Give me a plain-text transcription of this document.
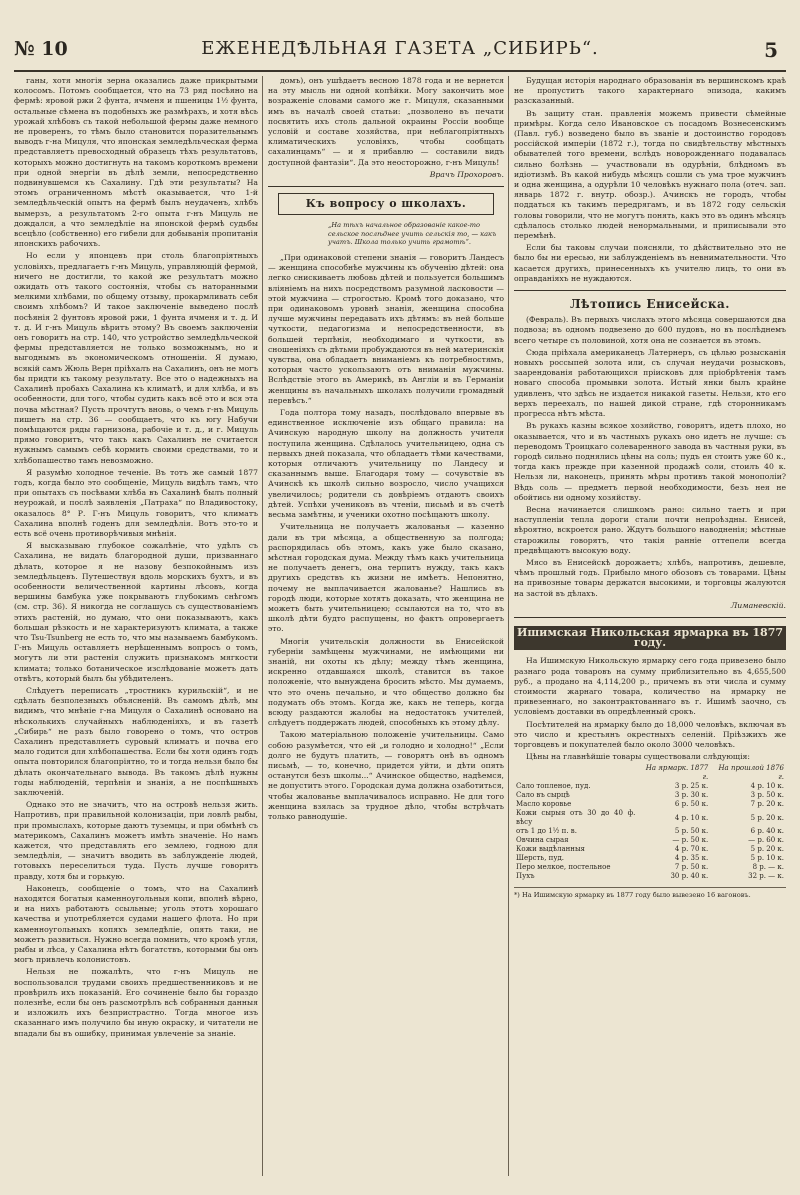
№ 10	ЕЖЕНЕДѢЛЬНАЯ ГАЗЕТА „СИБИРЬ“.	5

ганы, хотя многія зерна оказались даже прикрытыми колосомъ. Потомъ сообщается, что на 73 ряд посѣяно на фермѣ: яровой ржи 2 фунта, ячменя и пшеницы 1½ фунта, остальные сѣмена въ подобныхъ же размѣрахъ, и хотя вѣсь урожай хлѣбовъ съ такой небольшой фермы даже немного не проверенъ, то тѣмъ было становится поразительнымъ выводъ г-на Мицуля, что японская земледѣльческая ферма представляетъ превосходный образецъ тѣхъ результатовъ, которыхъ можно достигнуть на такомъ короткомъ времени при одной энергіи въ дѣлѣ земли, непосредственно подвинувшемся къ Сахалину. Гдѣ эти результаты? На этомъ ограниченномъ мѣстѣ оказывается, что 1-й земледѣльческій опытъ на фермѣ былъ неудаченъ, хлѣбъ вымерзъ, а результатомъ 2-го опыта г-нъ Мицуль не дождался, а что земледѣліе на японской фермѣ судьбы всецѣло (собственно) его гибели для добыванія пропитанія японскихъ рабочихъ.

Но если у японцевъ при столь благопріятныхъ условіяхъ, предлагаетъ г-нъ Мицуль, управляющій фермой, ничего не достигли, то какой же результатъ можно ожидать отъ такого состоянія, чтобы съ наторанными мелкими хлѣбами, по общему отзыву, прокармливать себя своимъ хлѣбомъ? И такое заключеніе выведено послѣ посѣянія 2 фунтовъ яровой ржи, 1 фунта ячменя и т. д. И т. д. И г-нъ Мицуль вѣритъ этому? Въ своемъ заключеніи онъ говоритъ на стр. 140, что устройство земледѣльческой фермы представляется не только возможнымъ, но и выгоднымъ въ экономическомъ отношеніи. Я думаю, всякій самъ Жюль Верн пріѣхалъ на Сахалинъ, онъ не могъ бы придти къ такому результату. Все это о надежныхъ на Сахалинѣ пробахъ Сахалина къ климатѣ, и для хлѣба, и въ особенности, для того, чтобы судить какъ всё это и вся эта почва мѣстная? Пусть прочтутъ вновь, о чемъ г-нъ Мицуль пишетъ на стр. 36 — сообщаетъ, что къ югу Набучи помѣщаются ряды гарнизона, рабочіе и т. д., и г. Мицуль прямо говоритъ, что такъ какъ Сахалинъ не считается нужнымъ самымъ себѣ кормить своими средствами, то и хлѣбопашество тамъ невозможно.

Я разумѣю холодное теченіе. Въ тотъ же самый 1877 годъ, когда было это сообщеніе, Мицуль видѣлъ тамъ, что при опытахъ съ посѣвами хлѣба въ Сахалинѣ былъ полный неурожай, и послѣ заявленія „Патраха“ по Владивостоку, оказалось 8° Р. Г-нъ Мицуль говоритъ, что климатъ Сахалина вполнѣ годенъ для земледѣлія. Вотъ это-то и есть всё очень противорѣчивыя мнѣнія.

Я высказываю глубокое сожалѣніе, что удѣлъ съ Сахалина, не видать благородной души, призваннаго дѣлать, которое я не назову безпокойнымъ изъ земледѣльцевъ. Путешествуя вдоль морскихъ бухтъ, и въ особенности величественной картины лѣсовъ, когда вершины бамбука уже покрываютъ глубокимъ снѣгомъ (см. стр. 36). Я никогда не соглашусь съ существованіемъ этихъ растеній, но думаю, что они показываютъ, какъ большая рѣзкость и не характеризуютъ климата, а также что Tsu-Tsunberg не есть то, что мы называемъ бамбукомъ. Г-нъ Мицуль оставляетъ нерѣшеннымъ вопросъ о томъ, могутъ ли эти растенія служить признакомъ мягкости климата; только ботаническое изслѣдованіе можетъ дать отвѣтъ, который былъ бы убѣдителенъ.

Слѣдуетъ переписать „тростникъ курильскій“, и не сдѣлать безполезныхъ объясненій. Въ самомъ дѣлѣ, мы видимъ, что мнѣніе г-на Мицуля о Сахалинѣ основано на нѣсколькихъ случайныхъ наблюденіяхъ, и въ газетѣ „Сибирь“ не разъ было говорено о томъ, что остров Сахалинъ представляетъ суровый климатъ и почва его мало годится для хлѣбопашества. Если бы хотя одинъ годъ опыта повторился благопріятно, то и тогда нельзя было бы дѣлать окончательнаго вывода. Въ такомъ дѣлѣ нужны годы наблюденій, терпѣнія и знанія, а не поспѣшныхъ заключеній.

Однако это не значитъ, что на островѣ нельзя жить. Напротивъ, при правильной колонизаціи, при ловлѣ рыбы, при промыслахъ, которые даютъ туземцы, и при обмѣнѣ съ материкомъ, Сахалинъ можетъ имѣть значеніе. Но намъ кажется, что представлять его землею, годною для земледѣлія, — значитъ вводить въ заблужденіе людей, готовыхъ переселиться туда. Пусть лучше говорятъ правду, хотя бы и горькую.

Наконецъ, сообщеніе о томъ, что на Сахалинѣ находятся богатыя каменноугольныя копи, вполнѣ вѣрно, и на нихъ работаютъ ссыльные; уголь этотъ хорошаго качества и употребляется судами нашего флота. Но при каменноугольныхъ копяхъ земледѣліе, опять таки, не можетъ развиться. Нужно всегда помнить, что кромѣ угля, рыбы и лѣса, у Сахалина нѣтъ богатствъ, которыми бы онъ могъ привлечь колонистовъ.

Нельзя не пожалѣть, что г-нъ Мицуль не воспользовался трудами своихъ предшественниковъ и не провѣрилъ ихъ показаній. Его сочиненіе было бы гораздо полезнѣе, если бы онъ разсмотрѣлъ всѣ собранныя данныя и изложилъ ихъ безпристрастно. Тогда многое изъ сказаннаго имъ получило бы иную окраску, и читатели не впадали бы въ ошибку, принимая увлеченіе за знаніе.

домъ), онъ ушѣдаетъ весною 1878 года и не вернется на эту мысль ни одной копѣйки. Могу закончить мое возраженіе словами самого же г. Мицуля, сказанными имъ въ началѣ своей статьи: „позволено въ печати посвятить ихъ столь дальной окраины Россіи вообще условій и составе хозяйства, при неблагопріятныхъ климатическихъ условіяхъ, чтобы сообщать сахалинцамъ“ — и я прибавлю — составили видъ доступной фантазіи“. Да это неосторожно, г-нъ Мицуль!

Врачъ Прохоровъ.
Къ вопросу о школахъ.
„На тѣхъ начальное образованіе какое-то сельское послѣднее учить сельскія то, — какъ учатъ. Школа только учить грамотѣ“.

„При одинаковой степени знанія — говоритъ Ландесъ — женщина способнѣе мужчины къ обученію дѣтей: она легко снискиваетъ любовь дѣтей и пользуется большимъ вліяніемъ на нихъ посредствомъ разумной ласковости — этой мужчина — строгостью. Кромѣ того доказано, что при одинаковомъ уровнѣ знанія, женщина способна лучше мужчины передавать ихъ дѣтямъ: въ ней больше чуткости, педагогизма и непосредственности, въ большей терпѣнія, необходимаго и чуткости, въ сношеніяхъ съ дѣтьми пробуждаются въ ней материнскія чувства, она обладаетъ вниманіемъ къ потребностямъ, которыя часто ускользаютъ отъ вниманія мужчины. Вслѣдствіе этого въ Америкѣ, въ Англіи и въ Германіи женщины въ начальныхъ школахъ получили громадный перевѣсъ.“

Года полтора тому назадъ, послѣдовало впервые въ единственное исключеніе изъ общаго правила: на Ачинскую народную школу на должность учителя поступила женщина. Сдѣлалось учительницею, одна съ первыхъ дней показала, что обладаетъ тѣми качествами, которыя отличаютъ учительницу по Ландесу и сказаннымъ выше. Благодаря тому — сочувствіе въ Ачинскѣ къ школѣ сильно возросло, число учащихся увеличилось; родители съ довѣріемъ отдаютъ своихъ дѣтей. Успѣхи учениковъ въ чтеніи, письмѣ и въ счетѣ весьма замѣтны, и ученики охотно посѣщаютъ школу.

Учительница не получаетъ жалованья — казенно дали въ три мѣсяца, а общественную за полгода; распорядилась объ этомъ, какъ уже было сказано, мѣстная городская дума. Между тѣмъ какъ учительница не получаетъ денегъ, она терпитъ нужду, такъ какъ другихъ средствъ къ жизни не имѣетъ. Непонятно, почему не выплачивается жалованье? Нашлись въ городѣ люди, которые хотятъ доказать, что женщина не можетъ быть учительницею; ссылаются на то, что въ школѣ дѣти будто распущены, но фактъ опровергаетъ это.

Многія учительскія должности вь Енисейской губерніи замѣщены мужчинами, не имѣющими ни знаній, ни охоты къ дѣлу; между тѣмъ женщина, искренно отдавшаяся школѣ, ставится въ такое положеніе, что вынуждена бросить мѣсто. Мы думаемъ, что это очень печально, и что общество должно бы подумать объ этомъ. Когда же, какъ не теперь, когда всюду раздаются жалобы на недостатокъ учителей, слѣдуетъ поддержать людей, способныхъ къ этому дѣлу.

Такою матеріальною положеніе учительницы. Само собою разумѣется, что ей „и голодно и холодно!“ „Если долго не будутъ платить, — говорятъ онѣ въ одномъ письмѣ, — то, конечно, придется уйти, и дѣти опять останутся безъ школы...“ Ачинское общество, надѣемся, не допуститъ этого. Городская дума должна озаботиться, чтобы жалованье выплачивалось исправно. Не для того женщина взялась за трудное дѣло, чтобы встрѣчать только равнодушіе.

Будущая исторія народнаго образованія въ вершинскомъ краѣ не пропуститъ такого характернаго эпизода, какимъ разсказанный.

Въ защиту стан. правленія можемъ привести сѣмейные примѣры. Когда село Ивановское съ посадомъ Вознесенскимъ (Павл. губ.) возведено было въ званіе и достоинство городовъ россійской имперіи (1872 г.), тогда по свидѣтельству мѣстныхъ обывателей того времени, вслѣдъ новорожденнаго подавалась сильно болѣзнь — участвовали въ одурѣніи, блѣдномъ въ идіотизмѣ. Въ какой нибудь мѣсяцъ сошли съ ума трое мужчинъ и одна женщина, а одурѣли 10 человѣкъ нужнаго пола (отеч. зап. январь 1872 г. внутр. обозр.). Ачинскъ не городъ, чтобы поддаться къ такимъ передрягамъ, и въ 1872 году сельскія головы говорили, что не могутъ понять, какъ это въ одинъ мѣсяцъ сдѣлалось столько людей ненормальными, и приписывали это перемѣнѣ.

Если бы таковы случаи поясняли, то дѣйствительно это не было бы ни ересью, ни заблужденіемъ въ невнимательности. Что касается другихъ, принесенныхъ къ учителю лицъ, то они въ оправданіяхъ не нуждаются.

Лѣтопись Енисейска.

(Февраль). Въ первыхъ числахъ этого мѣсяца совершаются два подвоза; въ одномъ подвезено до 600 пудовъ, но въ послѣднемъ всего четыре съ половиной, хотя она не сознается въ этомъ.

Сюда пріѣхала американецъ Латернеръ, съ цѣлью розысканія новыхъ россыпей золота или, съ случая неудачи розысковъ, заарендованія работающихся пріисковъ для пріобрѣтенія тамъ новаго способа промывки золота. Истый янки былъ крайне удивленъ, что здѣсь не издается никакой газеты. Нельзя, кто его верхъ переехалъ, по нашей дикой стране, гдѣ сторонникамъ прогресса нѣтъ мѣста.

Въ рукахъ казны всякое хозяйство, говорятъ, идетъ плохо, но оказывается, что и въ частныхъ рукахъ оно идетъ не лучше: съ переводомъ Троицкаго солеваренного завода въ частныя руки, въ городѣ сильно поднялись цѣны на соль; пудъ ея стоитъ уже 60 к., тогда какъ прежде при казенной продажѣ соли, стоилъ 40 к. Нельзя ли, наконецъ, принять мѣры противъ такой монополіи? Вѣдь соль — предметъ первой необходимости, безъ нея не обойтись ни одному хозяйству.

Весна начинается слишкомъ рано: сильно таетъ и при наступленіи тепла дороги стали почти непроѣздны. Енисей, вѣроятно, вскроется рано. Ждутъ большого наводненія; мѣстные старожилы говорятъ, что такія ранніе оттепели всегда предвѣщаютъ высокую воду.

Мясо въ Енисейскѣ дорожаетъ; хлѣбъ, напротивъ, дешевле, чѣмъ прошлый годъ. Прибыло много обозовъ съ товарами. Цѣны на привозные товары держатся высокими, и торговцы жалуются на застой въ дѣлахъ.

Лиманевскій.
Ишимская Никольская ярмарка въ 1877 году.

На Ишимскую Никольскую ярмарку сего года привезено было разнаго рода товаровъ на сумму приблизительно въ 4,655,500 руб., а продано на 4,114,200 р., причемъ въ эти числа и сумму стоимости жарнаго товара, количество на ярмарку не привезеннаго, но законтрактованнаго въ г. Ишимѣ заочно, съ условіемъ доставки въ опредѣленный срокъ.

Посѣтителей на ярмарку было до 18,000 человѣкъ, включая въ это число и крестьянъ окрестныхъ селеній. Пріѣзжихъ же торговцевъ и покупателей было около 3000 человѣкъ.

Цѣны на главнѣйшіе товары существовали слѣдующія:

	На ярмарк. 1877 г.	На прошлой 1876 г.
Сало топленое, пуд.	3 р. 25 к.	4 р. 10 к.
Сало въ сырцѣ	3 р. 30 к.	3 р. 50 к.
Масло коровье	6 р. 50 к.	7 р. 20 к.
Кожи сырыя отъ 30 до 40 ф. вѣсу	4 р. 10 к.	5 р. 20 к.
отъ 1 до 1½ п. в.	5 р. 50 к.	6 р. 40 к.
Овчина сырая	— р. 50 к.	— р. 60 к.
Кожи выдѣланныя	4 р. 70 к.	5 р. 20 к.
Шерсть, пуд.	4 р. 35 к.	5 р. 10 к.
Перо мелкое, постельное	7 р. 50 к.	8 р. — к.
Пухъ	30 р. 40 к.	32 р. — к.
*) На Ишимскую ярмарку въ 1877 году было вывезено 16 вагоновъ.
